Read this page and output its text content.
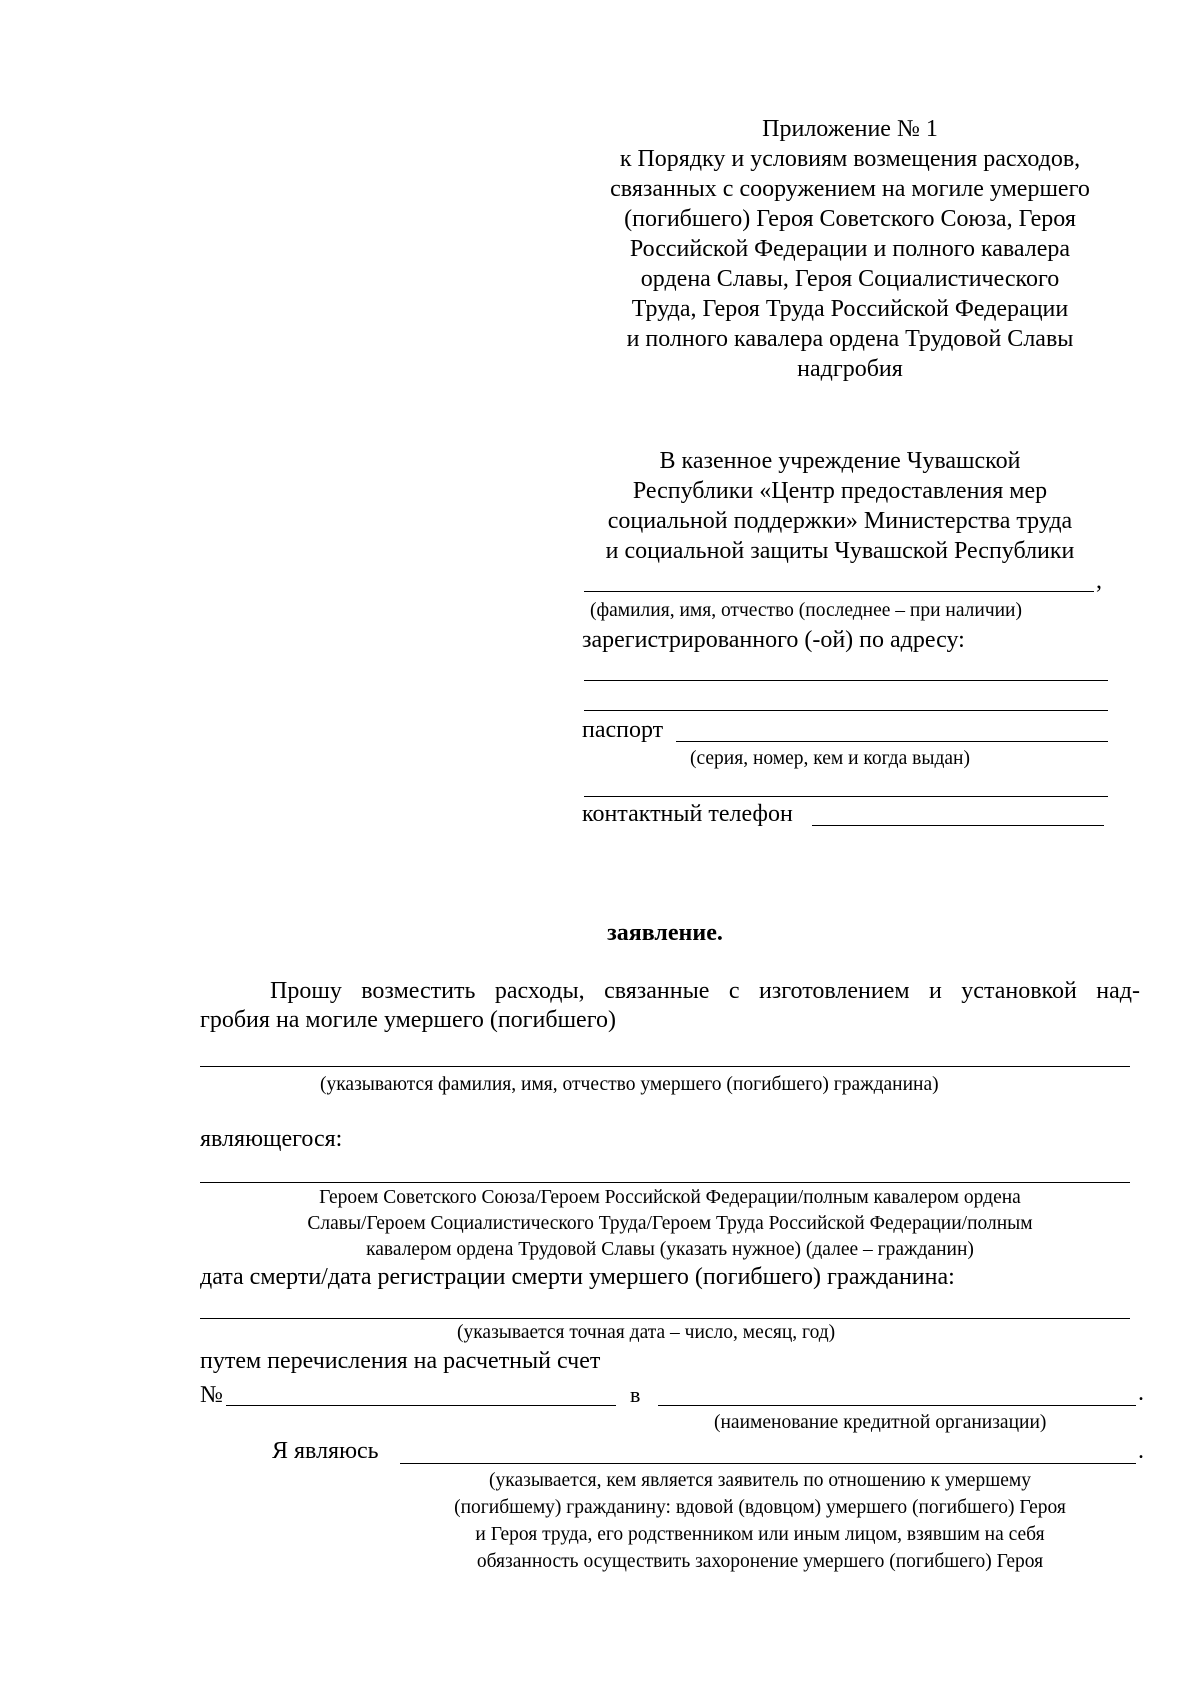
Приложение № 1
к Порядку и условиям возмещения расходов,
связанных с сооружением на могиле умершего
(погибшего) Героя Советского Союза, Героя
Российской Федерации и полного кавалера
ордена Славы, Героя Социалистического
Труда, Героя Труда Российской Федерации
и полного кавалера ордена Трудовой Славы
надгробия
В казенное учреждение Чувашской
Республики «Центр предоставления мер
социальной поддержки» Министерства труда
и социальной защиты Чувашской Республики
,
(фамилия, имя, отчество (последнее – при наличии)
зарегистрированного (-ой) по адресу:
паспорт
(серия, номер, кем и когда выдан)
контактный телефон
заявление.
Прошу возместить расходы, связанные с изготовлением и установкой над-
гробия на могиле умершего (погибшего)
(указываются фамилия, имя, отчество умершего (погибшего) гражданина)
являющегося:
Героем Советского Союза/Героем Российской Федерации/полным кавалером ордена
Славы/Героем Социалистического Труда/Героем Труда Российской Федерации/полным
кавалером ордена Трудовой Славы (указать нужное) (далее – гражданин)
дата смерти/дата регистрации смерти умершего (погибшего) гражданина:
(указывается точная дата – число, месяц, год)
путем перечисления на расчетный счет
№	в	.
(наименование кредитной организации)
Я являюсь	.
(указывается, кем является заявитель по отношению к умершему
(погибшему) гражданину: вдовой (вдовцом) умершего (погибшего) Героя
и Героя труда, его родственником или иным лицом, взявшим на себя
обязанность осуществить захоронение умершего (погибшего) Героя
